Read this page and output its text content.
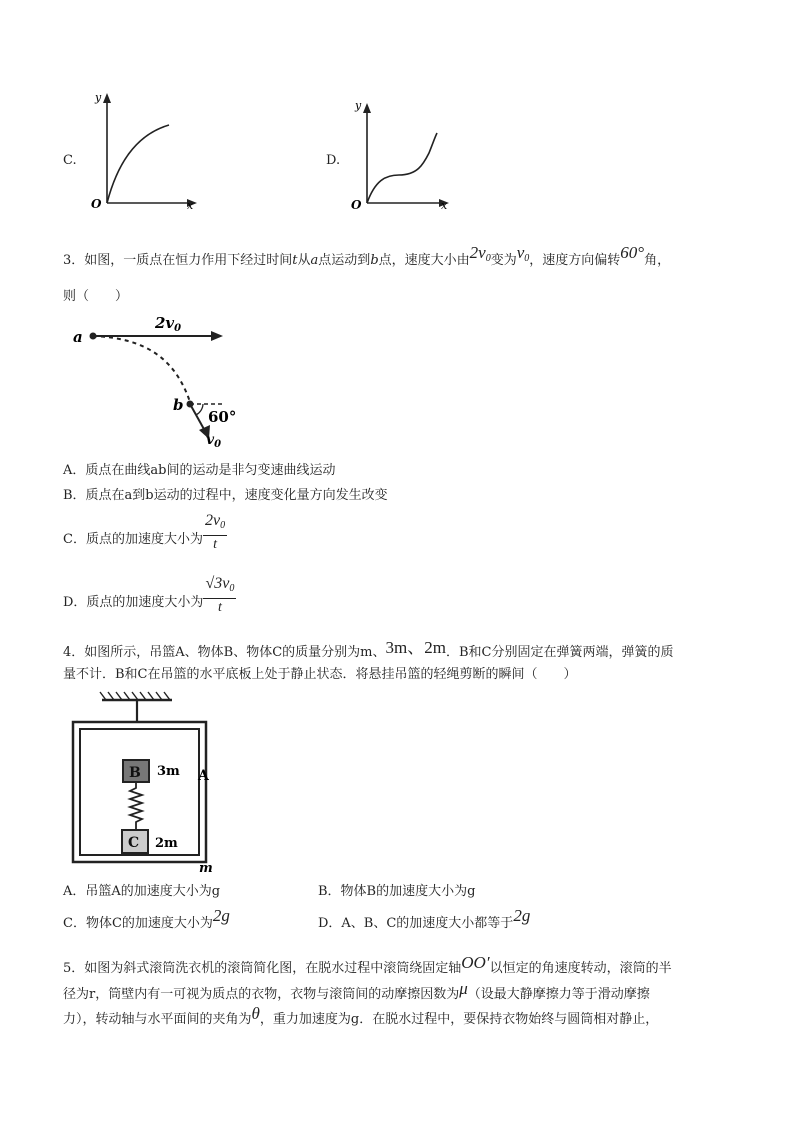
C.
y
O	x
D.
y
O	x
3．如图，一质点在恒力作用下经过时间t从a点运动到b点，速度大小由$2v_0$变为$v_0$，速度方向偏转60°角，
则（　　）
a
$2v_0$
b
60°
$v_0$
A．质点在曲线ab间的运动是非匀变速曲线运动
B．质点在a到b运动的过程中，速度变化量方向发生改变
C．质点的加速度大小为 $\frac{2v_0}{t}$
D．质点的加速度大小为 $\frac{√3v_0}{t}$
4．如图所示，吊篮A、物体B、物体C的质量分别为m、3m、2m．B和C分别固定在弹簧两端，弹簧的质
量不计．B和C在吊篮的水平底板上处于静止状态．将悬挂吊篮的轻绳剪断的瞬间（　　）
B 3m A
C 2m
m
A．吊篮A的加速度大小为g	B．物体B的加速度大小为g
C．物体C的加速度大小为2g	D．A、B、C的加速度大小都等于2g
5．如图为斜式滚筒洗衣机的滚筒简化图，在脱水过程中滚筒绕固定轴OO′以恒定的角速度转动，滚筒的半
径为r，筒壁内有一可视为质点的衣物，衣物与滚筒间的动摩擦因数为μ（设最大静摩擦力等于滑动摩擦
力），转动轴与水平面间的夹角为θ，重力加速度为g．在脱水过程中，要保持衣物始终与圆筒相对静止，
